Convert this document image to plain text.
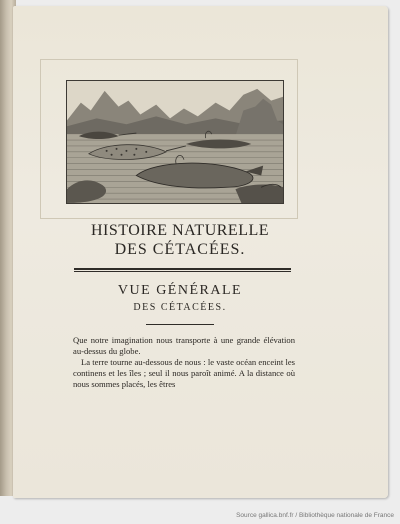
HISTOIRE NATURELLE
DES CÉTACÉES.
VUE GÉNÉRALE
DES CÉTACÉES.

Que notre imagination nous transporte à une grande élévation au-dessus du globe.

La terre tourne au-dessous de nous : le vaste océan enceint les continens et les îles ; seul il nous paroît animé. A la distance où nous sommes placés, les êtres

Source gallica.bnf.fr / Bibliothèque nationale de France
